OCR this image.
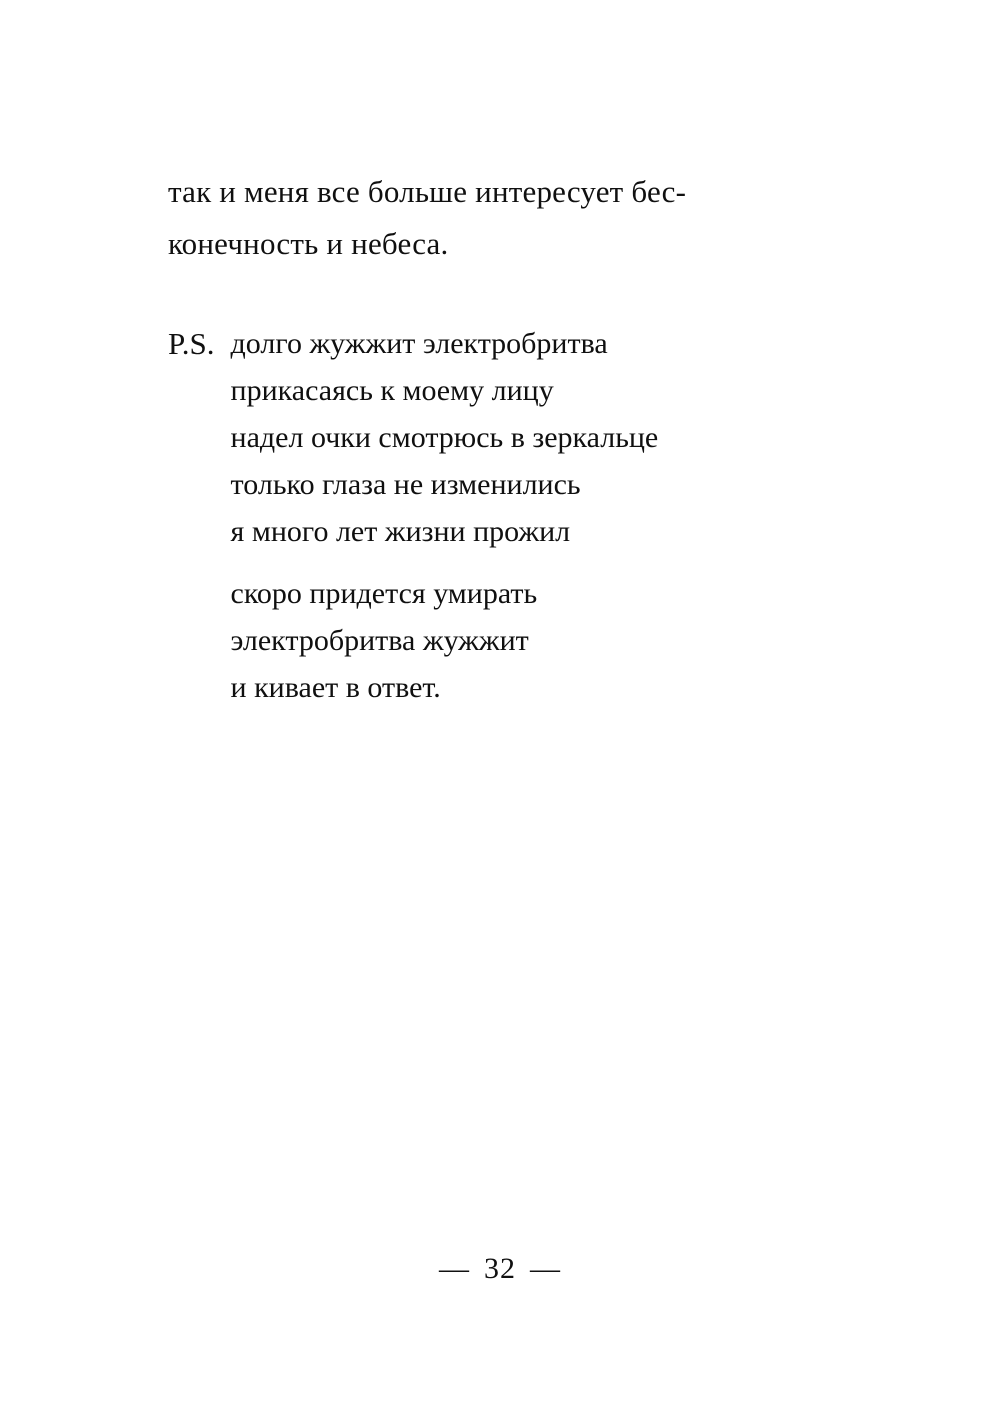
так и меня все больше интересует бес-
конечность и небеса.
P.S. долго жужжит электробритва
прикасаясь к моему лицу
надел очки смотрюсь в зеркальце
только глаза не изменились
я много лет жизни прожил
скоро придется умирать
электробритва жужжит
и кивает в ответ.
— 32 —
